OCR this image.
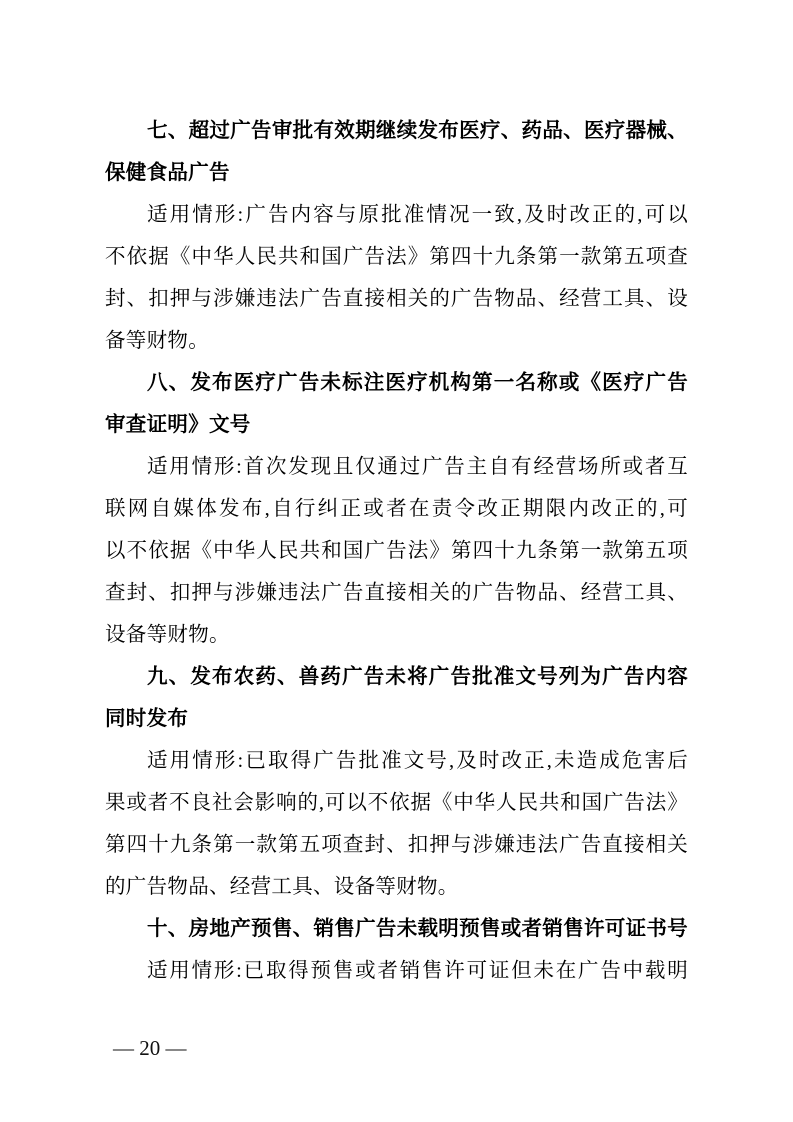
七、超过广告审批有效期继续发布医疗、药品、医疗器械、
保健食品广告
适用情形:广告内容与原批准情况一致,及时改正的,可以
不依据《中华人民共和国广告法》第四十九条第一款第五项查
封、扣押与涉嫌违法广告直接相关的广告物品、经营工具、设
备等财物。
八、发布医疗广告未标注医疗机构第一名称或《医疗广告
审查证明》文号
适用情形:首次发现且仅通过广告主自有经营场所或者互
联网自媒体发布,自行纠正或者在责令改正期限内改正的,可
以不依据《中华人民共和国广告法》第四十九条第一款第五项
查封、扣押与涉嫌违法广告直接相关的广告物品、经营工具、
设备等财物。
九、发布农药、兽药广告未将广告批准文号列为广告内容
同时发布
适用情形:已取得广告批准文号,及时改正,未造成危害后
果或者不良社会影响的,可以不依据《中华人民共和国广告法》
第四十九条第一款第五项查封、扣押与涉嫌违法广告直接相关
的广告物品、经营工具、设备等财物。
十、房地产预售、销售广告未载明预售或者销售许可证书号
适用情形:已取得预售或者销售许可证但未在广告中载明
— 20 —
